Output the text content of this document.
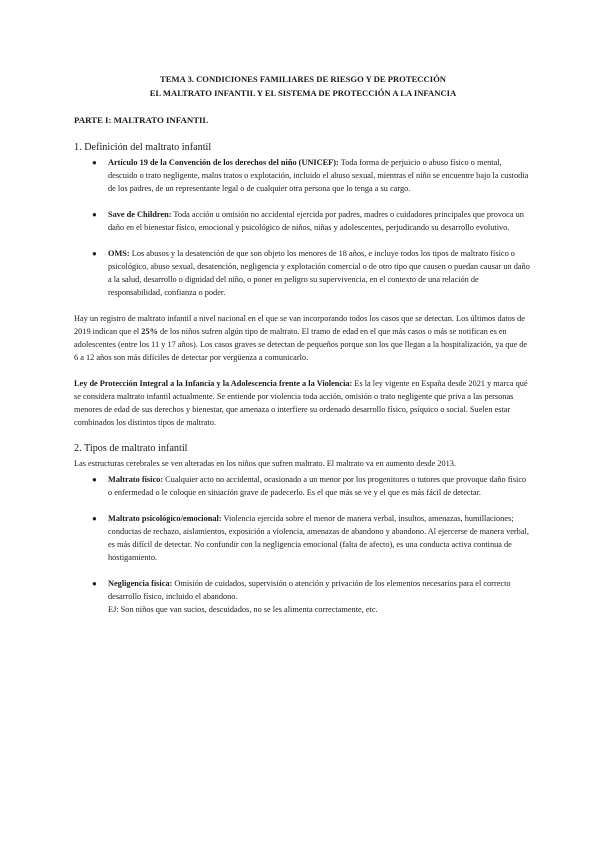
TEMA 3. CONDICIONES FAMILIARES DE RIESGO Y DE PROTECCIÓN
EL MALTRATO INFANTIL Y EL SISTEMA DE PROTECCIÓN A LA INFANCIA
PARTE I: MALTRATO INFANTIL
1. Definición del maltrato infantil
● Artículo 19 de la Convención de los derechos del niño (UNICEF): Toda forma de perjuicio o abuso físico o mental, descuido o trato negligente, malos tratos o explotación, incluido el abuso sexual, mientras el niño se encuentre bajo la custodia de los padres, de un representante legal o de cualquier otra persona que lo tenga a su cargo.
● Save de Children: Toda acción u omisión no accidental ejercida por padres, madres o cuidadores principales que provoca un daño en el bienestar físico, emocional y psicológico de niños, niñas y adolescentes, perjudicando su desarrollo evolutivo.
● OMS: Los abusos y la desatención de que son objeto los menores de 18 años, e incluye todos los tipos de maltrato físico o psicológico, abuso sexual, desatención, negligencia y explotación comercial o de otro tipo que causen o puedan causar un daño a la salud, desarrollo o dignidad del niño, o poner en peligro su supervivencia, en el contexto de una relación de responsabilidad, confianza o poder.

Hay un registro de maltrato infantil a nivel nacional en el que se van incorporando todos los casos que se detectan. Los últimos datos de 2019 indican que el 25% de los niños sufren algún tipo de maltrato. El tramo de edad en el que más casos o más se notifican es en adolescentes (entre los 11 y 17 años). Los casos graves se detectan de pequeños porque son los que llegan a la hospitalización, ya que de 6 a 12 años son más difíciles de detectar por vergüenza a comunicarlo.

Ley de Protección Integral a la Infancia y la Adolescencia frente a la Violencia: Es la ley vigente en España desde 2021 y marca qué se considera maltrato infantil actualmente. Se entiende por violencia toda acción, omisión o trato negligente que priva a las personas menores de edad de sus derechos y bienestar, que amenaza o interfiere su ordenado desarrollo físico, psíquico o social. Suelen estar combinados los distintos tipos de maltrato.

2. Tipos de maltrato infantil

Las estructuras cerebrales se ven alteradas en los niños que sufren maltrato. El maltrato va en aumento desde 2013.

● Maltrato físico: Cualquier acto no accidental, ocasionado a un menor por los progenitores o tutores que provoque daño físico o enfermedad o le coloque en situación grave de padecerlo. Es el que más se ve y el que es más fácil de detectar.
● Maltrato psicológico/emocional: Violencia ejercida sobre el menor de manera verbal, insultos, amenazas, humillaciones; conductas de rechazo, aislamientos, exposición a violencia, amenazas de abandono y abandono. Al ejercerse de manera verbal, es más difícil de detectar. No confundir con la negligencia emocional (falta de afecto), es una conducta activa continua de hostigamiento.
● Negligencia física: Omisión de cuidados, supervisión o atención y privación de los elementos necesarios para el correcto desarrollo físico, incluido el abandono.
EJ: Son niños que van sucios, descuidados, no se les alimenta correctamente, etc.
